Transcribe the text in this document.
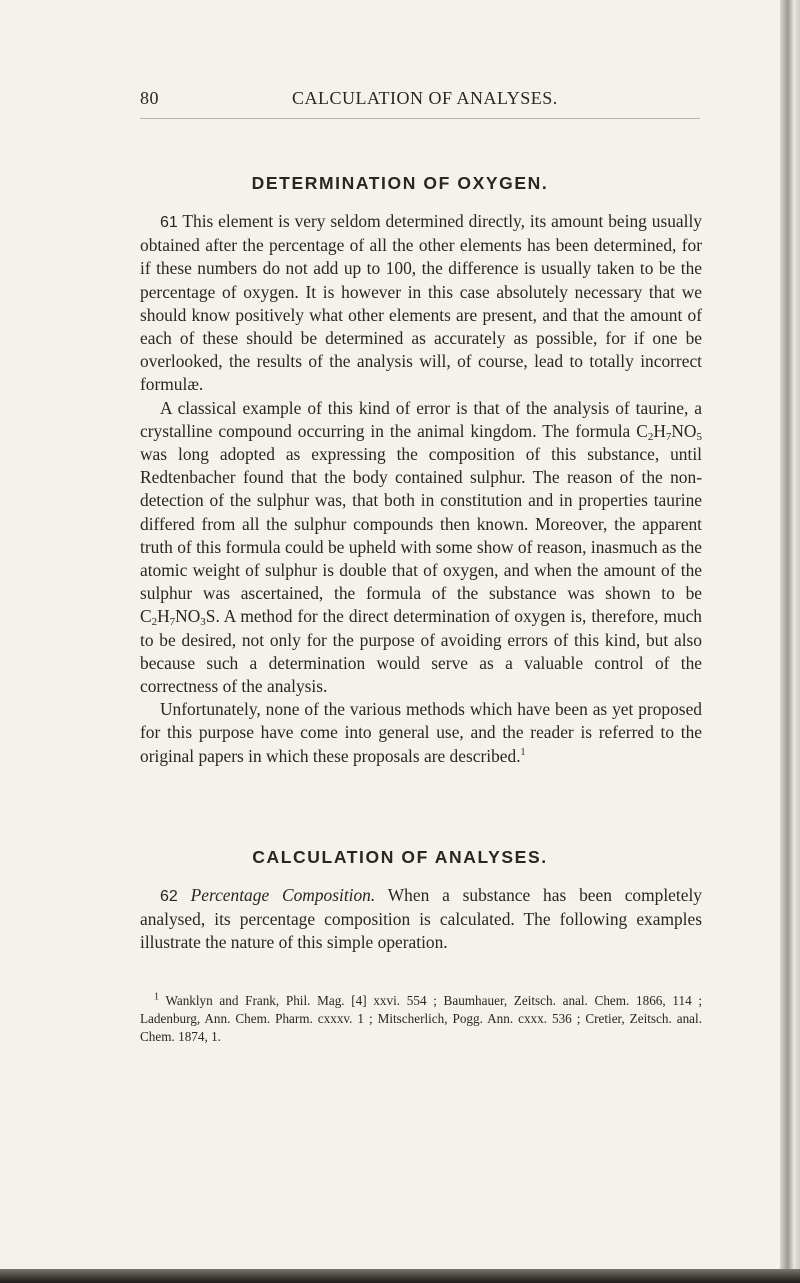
80	CALCULATION OF ANALYSES.
DETERMINATION OF OXYGEN.

61 This element is very seldom determined directly, its amount being usually obtained after the percentage of all the other elements has been determined, for if these numbers do not add up to 100, the difference is usually taken to be the percentage of oxygen. It is however in this case absolutely necessary that we should know positively what other elements are present, and that the amount of each of these should be determined as accurately as possible, for if one be overlooked, the results of the analysis will, of course, lead to totally incorrect formulæ.

A classical example of this kind of error is that of the analysis of taurine, a crystalline compound occurring in the animal kingdom. The formula $C_2H_7NO_5$ was long adopted as expressing the composition of this substance, until Redtenbacher found that the body contained sulphur. The reason of the non-detection of the sulphur was, that both in constitution and in properties taurine differed from all the sulphur compounds then known. Moreover, the apparent truth of this formula could be upheld with some show of reason, inasmuch as the atomic weight of sulphur is double that of oxygen, and when the amount of the sulphur was ascertained, the formula of the substance was shown to be $C_2H_7NO_3S$. A method for the direct determination of oxygen is, therefore, much to be desired, not only for the purpose of avoiding errors of this kind, but also because such a determination would serve as a valuable control of the correctness of the analysis.

Unfortunately, none of the various methods which have been as yet proposed for this purpose have come into general use, and the reader is referred to the original papers in which these proposals are described.$^1$

CALCULATION OF ANALYSES.

62 Percentage Composition. When a substance has been completely analysed, its percentage composition is calculated. The following examples illustrate the nature of this simple operation.

$^1$ Wanklyn and Frank, Phil. Mag. [4] xxvi. 554 ; Baumhauer, Zeitsch. anal. Chem. 1866, 114 ; Ladenburg, Ann. Chem. Pharm. cxxxv. 1 ; Mitscherlich, Pogg. Ann. cxxx. 536 ; Cretier, Zeitsch. anal. Chem. 1874, 1.
